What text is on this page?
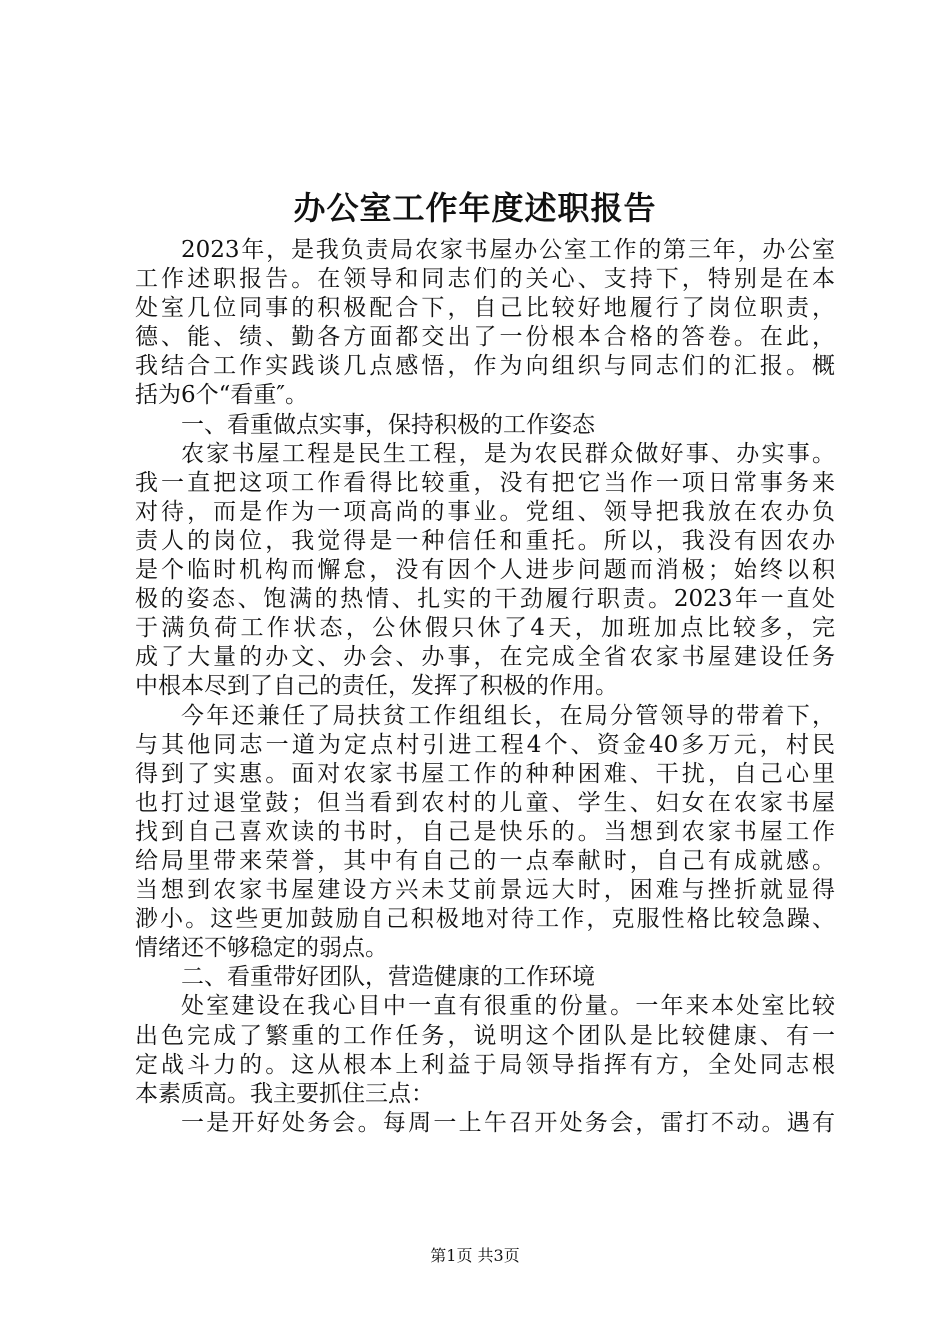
办公室工作年度述职报告
2023年，是我负责局农家书屋办公室工作的第三年，办公室
工作述职报告。在领导和同志们的关心、支持下，特别是在本
处室几位同事的积极配合下，自己比较好地履行了岗位职责，
德、能、绩、勤各方面都交出了一份根本合格的答卷。在此，
我结合工作实践谈几点感悟，作为向组织与同志们的汇报。概
括为6个“看重″。
一、看重做点实事，保持积极的工作姿态
农家书屋工程是民生工程，是为农民群众做好事、办实事。
我一直把这项工作看得比较重，没有把它当作一项日常事务来
对待，而是作为一项高尚的事业。党组、领导把我放在农办负
责人的岗位，我觉得是一种信任和重托。所以，我没有因农办
是个临时机构而懈怠，没有因个人进步问题而消极；始终以积
极的姿态、饱满的热情、扎实的干劲履行职责。2023年一直处
于满负荷工作状态，公休假只休了4天，加班加点比较多，完
成了大量的办文、办会、办事，在完成全省农家书屋建设任务
中根本尽到了自己的责任，发挥了积极的作用。
今年还兼任了局扶贫工作组组长，在局分管领导的带着下，
与其他同志一道为定点村引进工程4个、资金40多万元，村民
得到了实惠。面对农家书屋工作的种种困难、干扰，自己心里
也打过退堂鼓；但当看到农村的儿童、学生、妇女在农家书屋
找到自己喜欢读的书时，自己是快乐的。当想到农家书屋工作
给局里带来荣誉，其中有自己的一点奉献时，自己有成就感。
当想到农家书屋建设方兴未艾前景远大时，困难与挫折就显得
渺小。这些更加鼓励自己积极地对待工作，克服性格比较急躁、
情绪还不够稳定的弱点。
二、看重带好团队，营造健康的工作环境
处室建设在我心目中一直有很重的份量。一年来本处室比较
出色完成了繁重的工作任务，说明这个团队是比较健康、有一
定战斗力的。这从根本上利益于局领导指挥有方，全处同志根
本素质高。我主要抓住三点：
一是开好处务会。每周一上午召开处务会，雷打不动。遇有
第1页 共3页
